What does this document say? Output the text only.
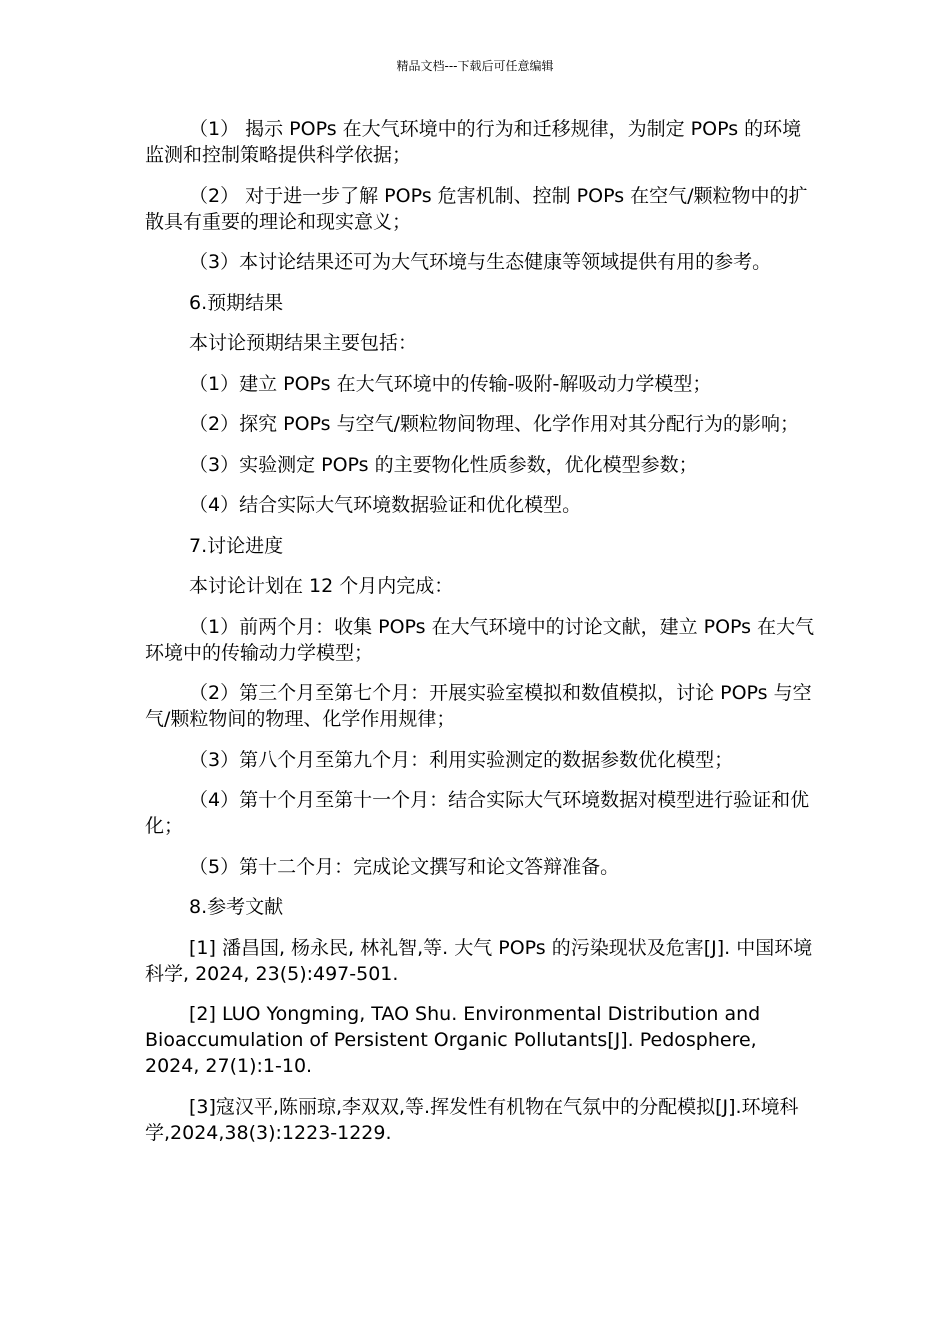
精品文档---下载后可任意编辑

（1） 揭示 POPs 在大气环境中的行为和迁移规律，为制定 POPs 的环境监测和控制策略提供科学依据；

（2） 对于进一步了解 POPs 危害机制、控制 POPs 在空气/颗粒物中的扩散具有重要的理论和现实意义；

（3）本讨论结果还可为大气环境与生态健康等领域提供有用的参考。

6.预期结果

本讨论预期结果主要包括：

（1）建立 POPs 在大气环境中的传输-吸附-解吸动力学模型；

（2）探究 POPs 与空气/颗粒物间物理、化学作用对其分配行为的影响；

（3）实验测定 POPs 的主要物化性质参数，优化模型参数；

（4）结合实际大气环境数据验证和优化模型。

7.讨论进度

本讨论计划在 12 个月内完成：

（1）前两个月：收集 POPs 在大气环境中的讨论文献，建立 POPs 在大气环境中的传输动力学模型；

（2）第三个月至第七个月：开展实验室模拟和数值模拟，讨论 POPs 与空气/颗粒物间的物理、化学作用规律；

（3）第八个月至第九个月：利用实验测定的数据参数优化模型；

（4）第十个月至第十一个月：结合实际大气环境数据对模型进行验证和优化；

（5）第十二个月：完成论文撰写和论文答辩准备。

8.参考文献

[1] 潘昌国, 杨永民, 林礼智,等. 大气 POPs 的污染现状及危害[J]. 中国环境科学, 2024, 23(5):497-501.

[2] LUO Yongming, TAO Shu. Environmental Distribution and Bioaccumulation of Persistent Organic Pollutants[J]. Pedosphere, 2024, 27(1):1-10.

[3]寇汉平,陈丽琼,李双双,等.挥发性有机物在气氛中的分配模拟[J].环境科学,2024,38(3):1223-1229.
